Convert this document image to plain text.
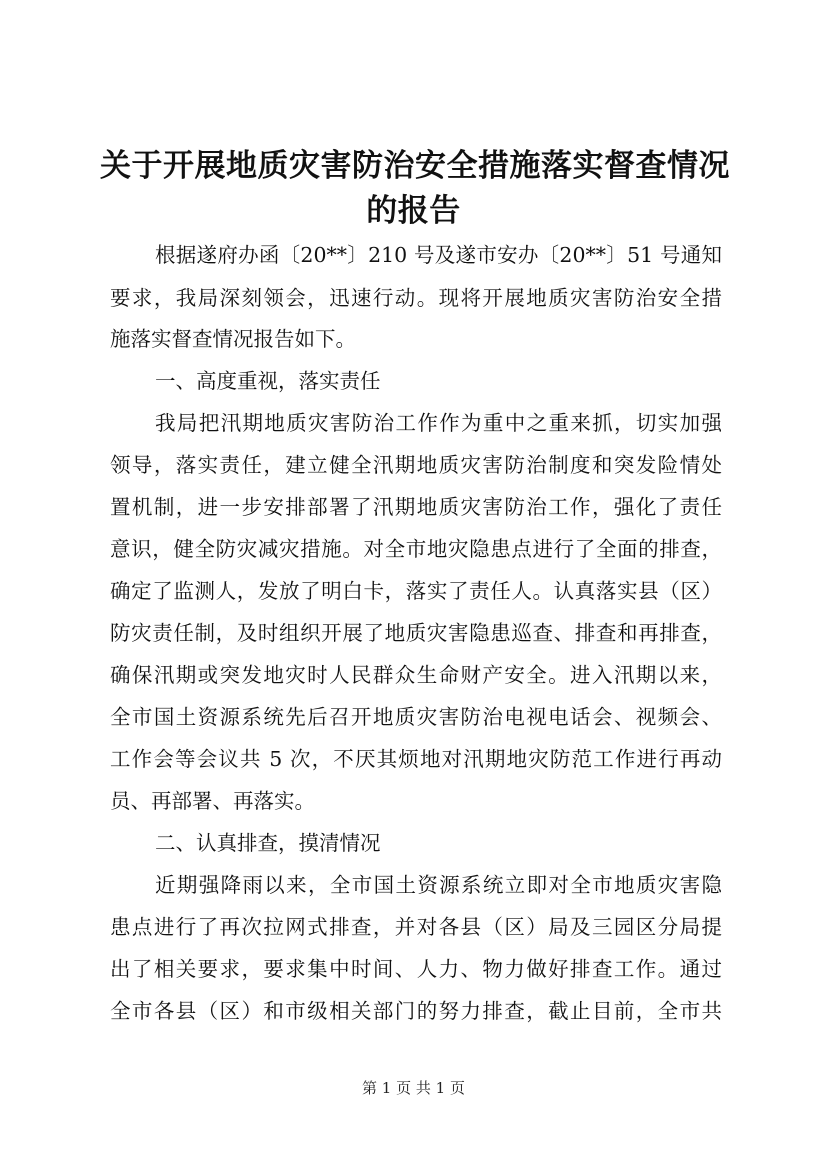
关于开展地质灾害防治安全措施落实督查情况
的报告
根据遂府办函〔20**〕210 号及遂市安办〔20**〕51 号通知
要求，我局深刻领会，迅速行动。现将开展地质灾害防治安全措
施落实督查情况报告如下。
一、高度重视，落实责任
我局把汛期地质灾害防治工作作为重中之重来抓，切实加强
领导，落实责任，建立健全汛期地质灾害防治制度和突发险情处
置机制，进一步安排部署了汛期地质灾害防治工作，强化了责任
意识，健全防灾减灾措施。对全市地灾隐患点进行了全面的排查，
确定了监测人，发放了明白卡，落实了责任人。认真落实县（区）
防灾责任制，及时组织开展了地质灾害隐患巡查、排查和再排查，
确保汛期或突发地灾时人民群众生命财产安全。进入汛期以来，
全市国土资源系统先后召开地质灾害防治电视电话会、视频会、
工作会等会议共 5 次，不厌其烦地对汛期地灾防范工作进行再动
员、再部署、再落实。
二、认真排查，摸清情况
近期强降雨以来，全市国土资源系统立即对全市地质灾害隐
患点进行了再次拉网式排查，并对各县（区）局及三园区分局提
出了相关要求，要求集中时间、人力、物力做好排查工作。通过
全市各县（区）和市级相关部门的努力排查，截止目前，全市共
第 1 页 共 1 页
